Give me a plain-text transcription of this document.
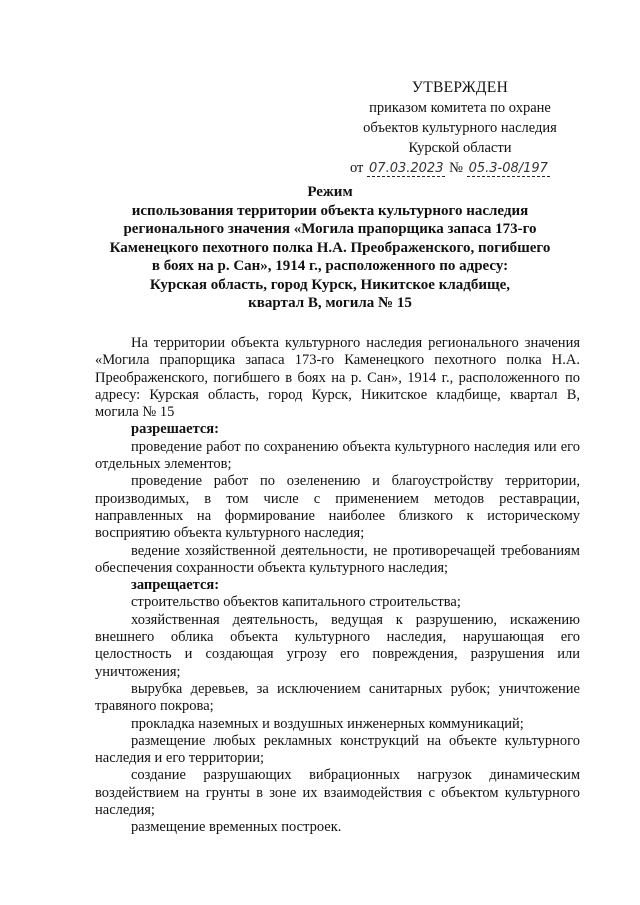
УТВЕРЖДЕН
приказом комитета по охране
объектов культурного наследия
Курской области
от 07.03.2023 № 05.3-08/197
Режим
использования территории объекта культурного наследия
регионального значения «Могила прапорщика запаса 173-го
Каменецкого пехотного полка Н.А. Преображенского, погибшего
в боях на р. Сан», 1914 г., расположенного по адресу:
Курская область, город Курск, Никитское кладбище,
квартал В, могила № 15

На территории объекта культурного наследия регионального значения «Могила прапорщика запаса 173-го Каменецкого пехотного полка Н.А. Преображенского, погибшего в боях на р. Сан», 1914 г., расположенного по адресу: Курская область, город Курск, Никитское кладбище, квартал В, могила № 15

разрешается:

проведение работ по сохранению объекта культурного наследия или его отдельных элементов;

проведение работ по озеленению и благоустройству территории, производимых, в том числе с применением методов реставрации, направленных на формирование наиболее близкого к историческому восприятию объекта культурного наследия;

ведение хозяйственной деятельности, не противоречащей требованиям обеспечения сохранности объекта культурного наследия;

запрещается:

строительство объектов капитального строительства;

хозяйственная деятельность, ведущая к разрушению, искажению внешнего облика объекта культурного наследия, нарушающая его целостность и создающая угрозу его повреждения, разрушения или уничтожения;

вырубка деревьев, за исключением санитарных рубок; уничтожение травяного покрова;

прокладка наземных и воздушных инженерных коммуникаций;

размещение любых рекламных конструкций на объекте культурного наследия и его территории;

создание разрушающих вибрационных нагрузок динамическим воздействием на грунты в зоне их взаимодействия с объектом культурного наследия;

размещение временных построек.
